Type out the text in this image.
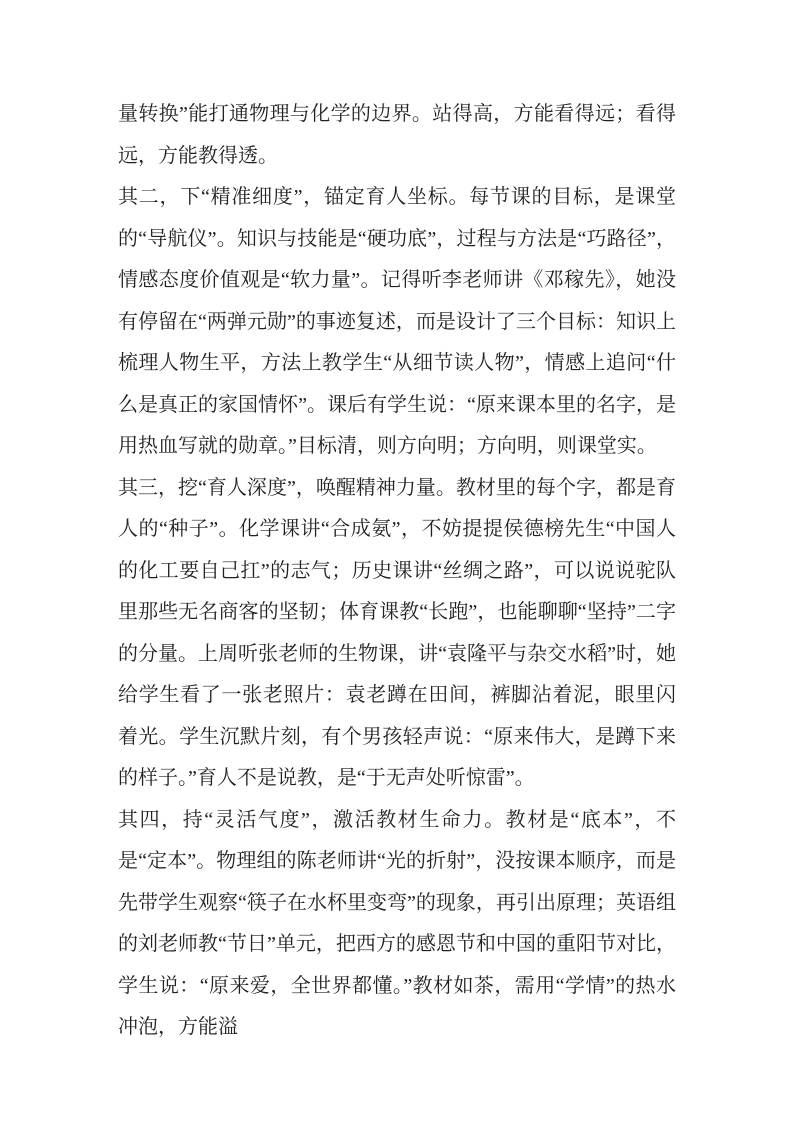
量转换”能打通物理与化学的边界。站得高，方能看得远；看得远，方能教得透。

其二，下“精准细度”，锚定育人坐标。每节课的目标，是课堂的“导航仪”。知识与技能是“硬功底”，过程与方法是“巧路径”，情感态度价值观是“软力量”。记得听李老师讲《邓稼先》，她没有停留在“两弹元勋”的事迹复述，而是设计了三个目标：知识上梳理人物生平，方法上教学生“从细节读人物”，情感上追问“什么是真正的家国情怀”。课后有学生说：“原来课本里的名字，是用热血写就的勋章。”目标清，则方向明；方向明，则课堂实。

其三，挖“育人深度”，唤醒精神力量。教材里的每个字，都是育人的“种子”。化学课讲“合成氨”，不妨提提侯德榜先生“中国人的化工要自己扛”的志气；历史课讲“丝绸之路”，可以说说驼队里那些无名商客的坚韧；体育课教“长跑”，也能聊聊“坚持”二字的分量。上周听张老师的生物课，讲“袁隆平与杂交水稻”时，她给学生看了一张老照片：袁老蹲在田间，裤脚沾着泥，眼里闪着光。学生沉默片刻，有个男孩轻声说：“原来伟大，是蹲下来的样子。”育人不是说教，是“于无声处听惊雷”。

其四，持“灵活气度”，激活教材生命力。教材是“底本”，不是“定本”。物理组的陈老师讲“光的折射”，没按课本顺序，而是先带学生观察“筷子在水杯里变弯”的现象，再引出原理；英语组的刘老师教“节日”单元，把西方的感恩节和中国的重阳节对比，学生说：“原来爱，全世界都懂。”教材如茶，需用“学情”的热水冲泡，方能溢
